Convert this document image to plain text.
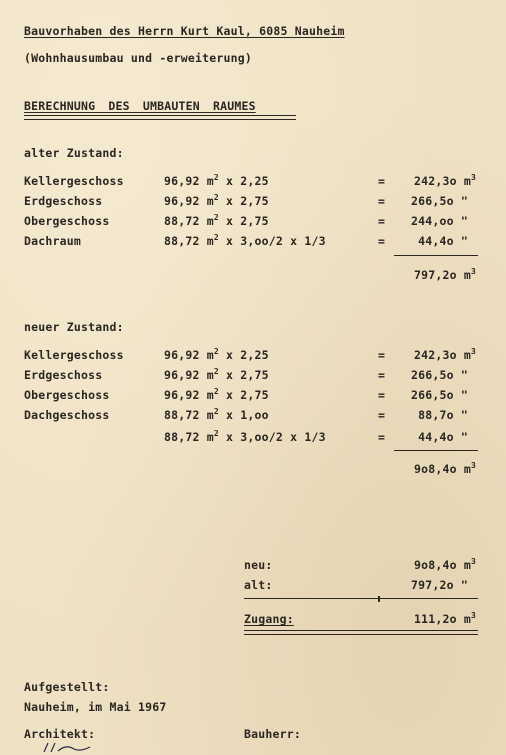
Bauvorhaben des Herrn Kurt Kaul, 6085 Nauheim
(Wohnhausumbau und -erweiterung)
BERECHNUNG DES UMBAUTEN RAUMES
alter Zustand:
Kellergeschoss	96,92 $m^2$ x 2,25	=	242,3o $m^3$
Erdgeschoss	96,92 $m^2$ x 2,75	= 266,5o "
Obergeschoss	88,72 $m^2$ x 2,75	= 244,oo "
Dachraum	88,72 $m^2$ x 3,oo/2 x 1/3	=	44,4o "
797,2o $m^3$
neuer Zustand:
Kellergeschoss	96,92 $m^2$ x 2,25	=	242,3o $m^3$
Erdgeschoss	96,92 $m^2$ x 2,75	= 266,5o "
Obergeschoss	96,92 $m^2$ x 2,75	= 266,5o "
Dachgeschoss	88,72 $m^2$ x 1,oo	=	88,7o "
88,72 $m^2$ x 3,oo/2 x 1/3	=	44,4o "
9o8,4o $m^3$
neu:	9o8,4o $m^3$
alt:	797,2o "
Zugang:	111,2o $m^3$
Aufgestellt:
Nauheim, im Mai 1967
Architekt:	Bauherr:
